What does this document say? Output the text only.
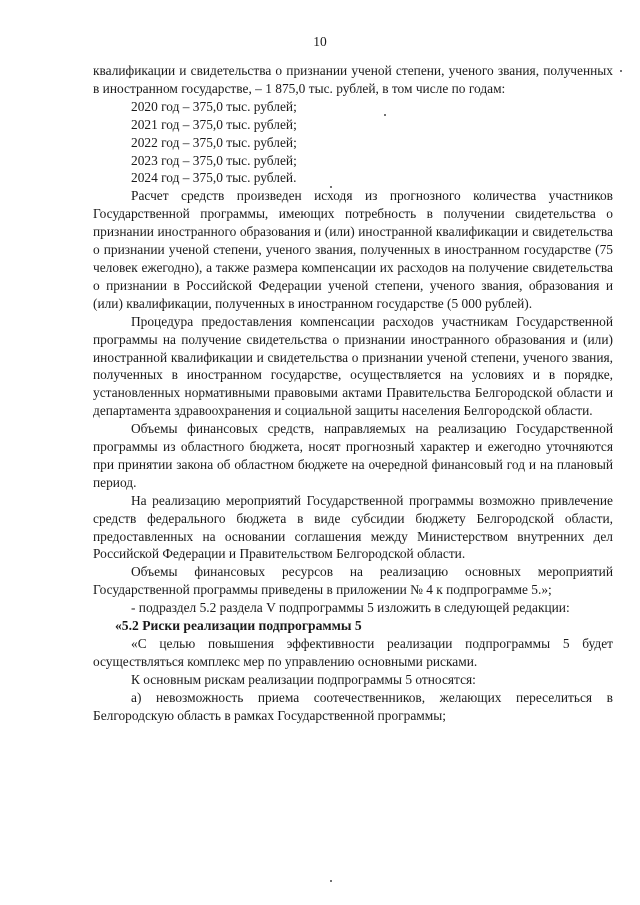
10

квалификации и свидетельства о признании ученой степени, ученого звания, полученных в иностранном государстве, – 1 875,0 тыс. рублей, в том числе по годам:

2020 год – 375,0 тыс. рублей;

2021 год – 375,0 тыс. рублей;

2022 год – 375,0 тыс. рублей;

2023 год – 375,0 тыс. рублей;

2024 год – 375,0 тыс. рублей.

Расчет средств произведен исходя из прогнозного количества участников Государственной программы, имеющих потребность в получении свидетельства о признании иностранного образования и (или) иностранной квалификации и свидетельства о признании ученой степени, ученого звания, полученных в иностранном государстве (75 человек ежегодно), а также размера компенсации их расходов на получение свидетельства о признании в Российской Федерации ученой степени, ученого звания, образования и (или) квалификации, полученных в иностранном государстве (5 000 рублей).

Процедура предоставления компенсации расходов участникам Государственной программы на получение свидетельства о признании иностранного образования и (или) иностранной квалификации и свидетельства о признании ученой степени, ученого звания, полученных в иностранном государстве, осуществляется на условиях и в порядке, установленных нормативными правовыми актами Правительства Белгородской области и департамента здравоохранения и социальной защиты населения Белгородской области.

Объемы финансовых средств, направляемых на реализацию Государственной программы из областного бюджета, носят прогнозный характер и ежегодно уточняются при принятии закона об областном бюджете на очередной финансовый год и на плановый период.

На реализацию мероприятий Государственной программы возможно привлечение средств федерального бюджета в виде субсидии бюджету Белгородской области, предоставленных на основании соглашения между Министерством внутренних дел Российской Федерации и Правительством Белгородской области.

Объемы финансовых ресурсов на реализацию основных мероприятий Государственной программы приведены в приложении № 4 к подпрограмме 5.»;

- подраздел 5.2 раздела V подпрограммы 5 изложить в следующей редакции:

«5.2 Риски реализации подпрограммы 5

«С целью повышения эффективности реализации подпрограммы 5 будет осуществляться комплекс мер по управлению основными рисками.

К основным рискам реализации подпрограммы 5 относятся:

а) невозможность приема соотечественников, желающих переселиться в Белгородскую область в рамках Государственной программы;
